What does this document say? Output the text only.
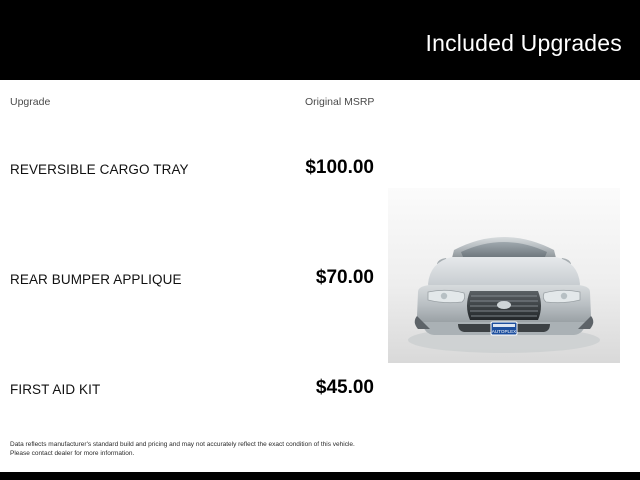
Included Upgrades
Upgrade	Original MSRP
REVERSIBLE CARGO TRAY	$100.00
REAR BUMPER APPLIQUE	$70.00
FIRST AID KIT	$45.00
AUTOPLEX
Data reflects manufacturer's standard build and pricing and may not accurately reflect the exact condition of this vehicle.
Please contact dealer for more information.
